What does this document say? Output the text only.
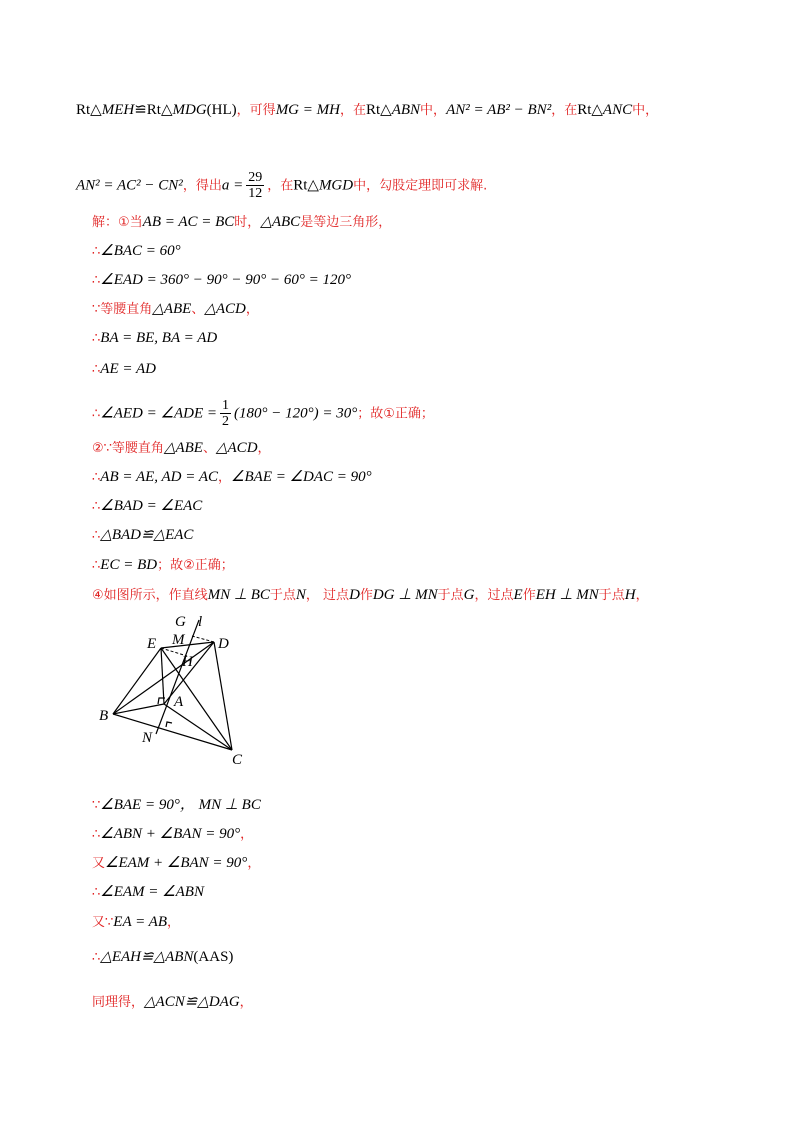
Rt△MEH≌Rt△MDG(HL)，可得MG = MH，在Rt△ABN中，AN² = AB² − BN²，在Rt△ANC中，
AN² = AC² − CN²，得出$a = \frac{29}{12}$ ，在Rt△MGD中，勾股定理即可求解.
解：①当AB = AC = BC时，△ABC是等边三角形，
∴∠BAC = 60°
∴∠EAD = 360° − 90° − 90° − 60° = 120°
∵等腰直角△ABE、△ACD，
∴BA = BE, BA = AD
∴AE = AD
∴∠AED = ∠ADE = $\frac{1}{2} (180^\circ - 120^\circ) = 30^\circ$；故①正确；
②∵等腰直角△ABE、△ACD，
∴AB = AE, AD = AC，∠BAE = ∠DAC = 90°
∴∠BAD = ∠EAC
∴△BAD≌△EAC
∴EC = BD；故②正确；
④如图所示，作直线MN ⊥ BC于点N， 过点D作DG ⊥ MN于点G，过点E作EH ⊥ MN于点H，
G l
E M D
H
A
B
N
C
∵∠BAE = 90°， MN ⊥ BC
∴∠ABN + ∠BAN = 90°，
又∠EAM + ∠BAN = 90°，
∴∠EAM = ∠ABN
又∵EA = AB，
∴△EAH≌△ABN(AAS)
同理得，△ACN≌△DAG，
